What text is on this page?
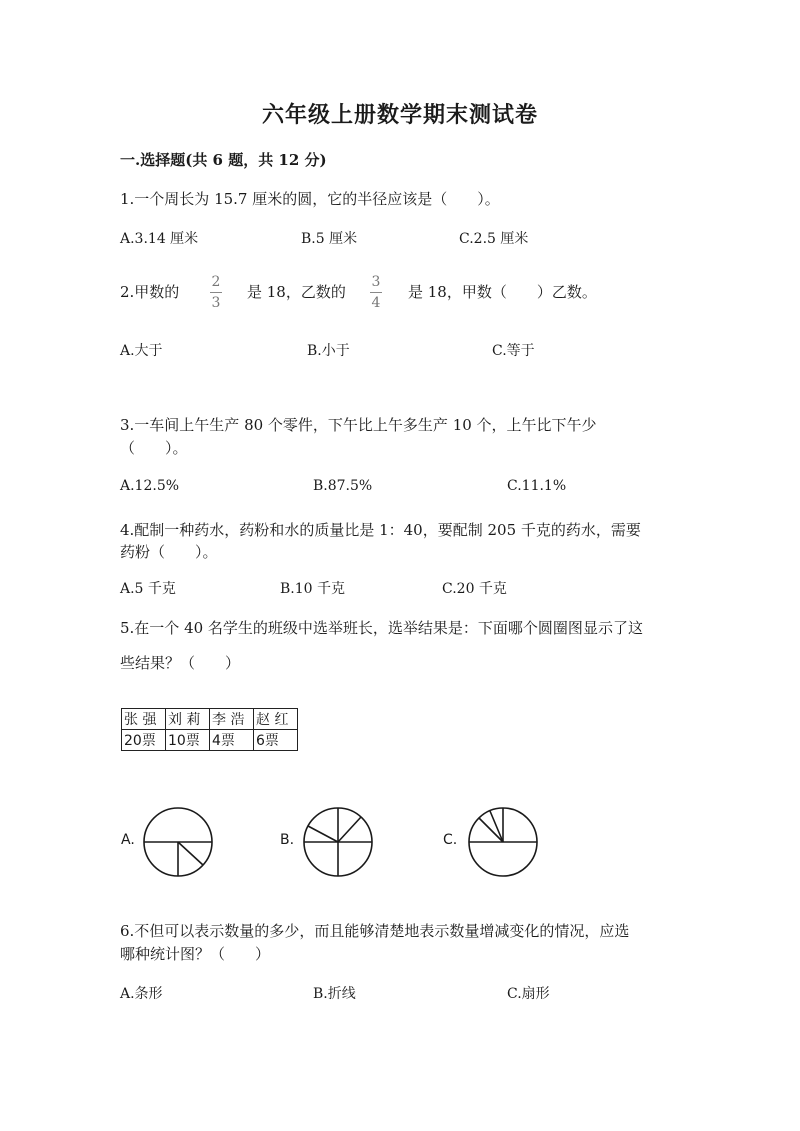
六年级上册数学期末测试卷
一.选择题(共 6 题，共 12 分)
1.一个周长为 15.7 厘米的圆，它的半径应该是（　　）。
A.3.14 厘米	B.5 厘米	C.2.5 厘米
2.甲数的
2
3
是 18，乙数的
3
4
是 18，甲数（　　）乙数。
A.大于	B.小于	C.等于
3.一车间上午生产 80 个零件，下午比上午多生产 10 个，上午比下午少
（　　）。
A.12.5%	B.87.5%	C.11.1%
4.配制一种药水，药粉和水的质量比是 1：40，要配制 205 千克的药水，需要
药粉（　　）。
A.5 千克	B.10 千克	C.20 千克
5.在一个 40 名学生的班级中选举班长，选举结果是：下面哪个圆圈图显示了这
些结果？（　　）
张 强	刘 莉	李 浩	赵 红
20票	10票	4票	6票
A.	B.	C.
6.不但可以表示数量的多少，而且能够清楚地表示数量增减变化的情况，应选
哪种统计图？（　　）
A.条形	B.折线	C.扇形
